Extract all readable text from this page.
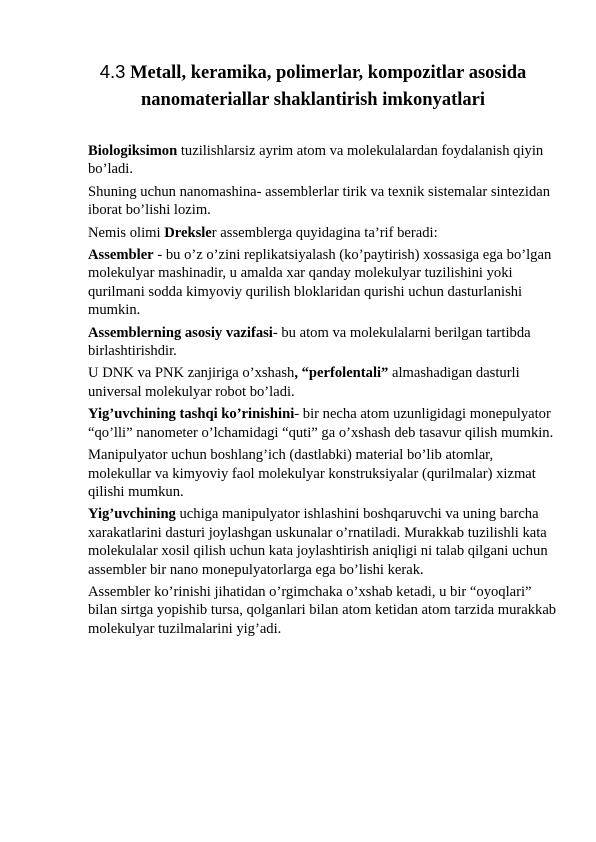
4.3 Metall, keramika, polimerlar, kompozitlar asosida
nanomateriallar shaklantirish imkonyatlari

Biologiksimon tuzilishlarsiz ayrim atom va molekulalardan foydalanish qiyin bo’ladi.

Shuning uchun nanomashina- assemblerlar tirik va texnik sistemalar sintezidan iborat bo’lishi lozim.

Nemis olimi Dreksler assemblerga quyidagina ta’rif beradi:

Assembler - bu o’z o’zini replikatsiyalash (ko’paytirish) xossasiga ega bo’lgan molekulyar mashinadir, u amalda xar qanday molekulyar tuzilishini yoki qurilmani sodda kimyoviy qurilish bloklaridan qurishi uchun dasturlanishi mumkin.

Assemblerning asosiy vazifasi- bu atom va molekulalarni berilgan tartibda birlashtirishdir.

U DNK va PNK zanjiriga o’xshash, “perfolentali” almashadigan dasturli universal molekulyar robot bo’ladi.

Yig’uvchining tashqi ko’rinishini- bir necha atom uzunligidagi monepulyator “qo’lli” nanometer o’lchamidagi “quti” ga o’xshash deb tasavur qilish mumkin.

Manipulyator uchun boshlang’ich (dastlabki) material bo’lib atomlar, molekullar va kimyoviy faol molekulyar konstruksiyalar (qurilmalar) xizmat qilishi mumkun.

Yig’uvchining uchiga manipulyator ishlashini boshqaruvchi va uning barcha xarakatlarini dasturi joylashgan uskunalar o’rnatiladi. Murakkab tuzilishli kata molekulalar xosil qilish uchun kata joylashtirish aniqligi ni talab qilgani uchun assembler bir nano monepulyatorlarga ega bo’lishi kerak.

Assembler ko’rinishi jihatidan o’rgimchaka o’xshab ketadi, u bir “oyoqlari” bilan sirtga yopishib tursa, qolganlari bilan atom ketidan atom tarzida murakkab molekulyar tuzilmalarini yig’adi.
